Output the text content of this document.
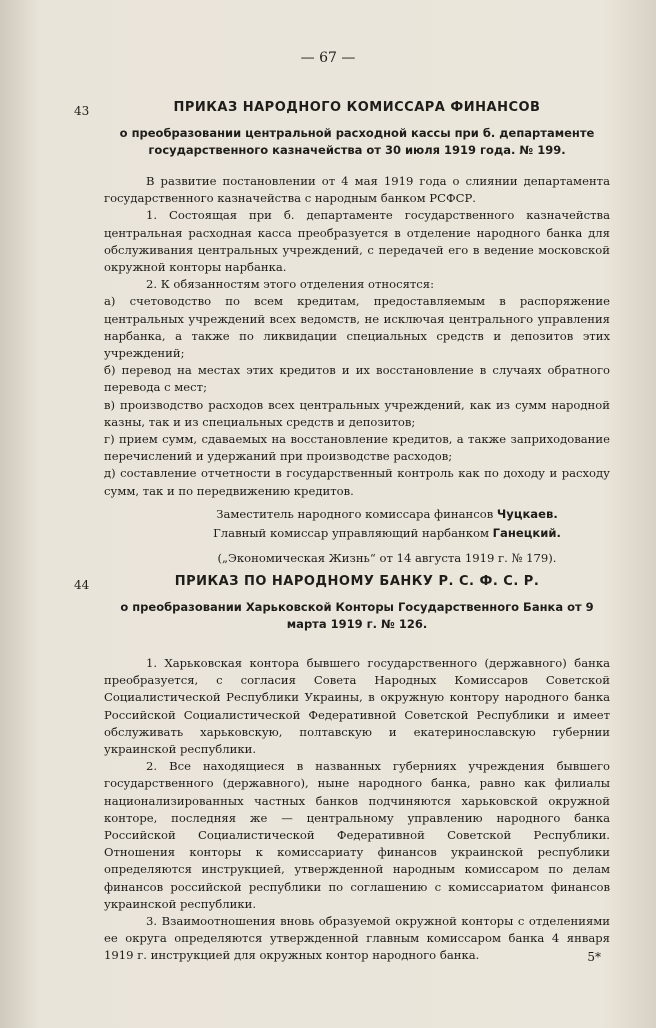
— 67 —
43	ПРИКАЗ НАРОДНОГО КОМИССАРА ФИНАНСОВ
о преобразовании центральной расходной кассы при б. департаменте государственного казначейства от 30 июля 1919 года. № 199.

В развитие постановлении от 4 мая 1919 года о слиянии департамента государственного казначейства с народным банком РСФСР.

1. Состоящая при б. департаменте государственного казначейства центральная расходная касса преобразуется в отделение народного банка для обслуживания центральных учреждений, с передачей его в ведение московской окружной конторы нарбанка.

2. К обязанностям этого отделения относятся:

а) счетоводство по всем кредитам, предоставляемым в распоряжение центральных учреждений всех ведомств, не исключая центрального управления нарбанка, а также по ликвидации специальных средств и депозитов этих учреждений;

б) перевод на местах этих кредитов и их восстановление в случаях обратного перевода с мест;

в) производство расходов всех центральных учреждений, как из сумм народной казны, так и из специальных средств и депозитов;

г) прием сумм, сдаваемых на восстановление кредитов, а также заприходование перечислений и удержаний при производстве расходов;

д) составление отчетности в государственный контроль как по доходу и расходу сумм, так и по передвижению кредитов.

Заместитель народного комиссара финансов Чуцкаев.

Главный комиссар управляющий нарбанком Ганецкий.

(„Экономическая Жизнь“ от 14 августа 1919 г. № 179).

44	ПРИКАЗ ПО НАРОДНОМУ БАНКУ Р. С. Ф. С. Р.
о преобразовании Харьковской Конторы Государственного Банка от 9 марта 1919 г. № 126.

1. Харьковская контора бывшего государственного (державного) банка преобразуется, с согласия Совета Народных Комиссаров Советской Социалистической Республики Украины, в окружную контору народного банка Российской Социалистической Федеративной Советской Республики и имеет обслуживать харьковскую, полтавскую и екатеринославскую губернии украинской республики.

2. Все находящиеся в названных губерниях учреждения бывшего государственного (державного), ныне народного банка, равно как филиалы национализированных частных банков подчиняются харьковской окружной конторе, последняя же — центральному управлению народного банка Российской Социалистической Федеративной Советской Республики. Отношения конторы к комиссариату финансов украинской республики определяются инструкцией, утвержденной народным комиссаром по делам финансов российской республики по соглашению с комиссариатом финансов украинской республики.

3. Взаимоотношения вновь образуемой окружной конторы с отделениями ее округа определяются утвержденной главным комиссаром банка 4 января 1919 г. инструкцией для окружных контор народного банка.	5*
